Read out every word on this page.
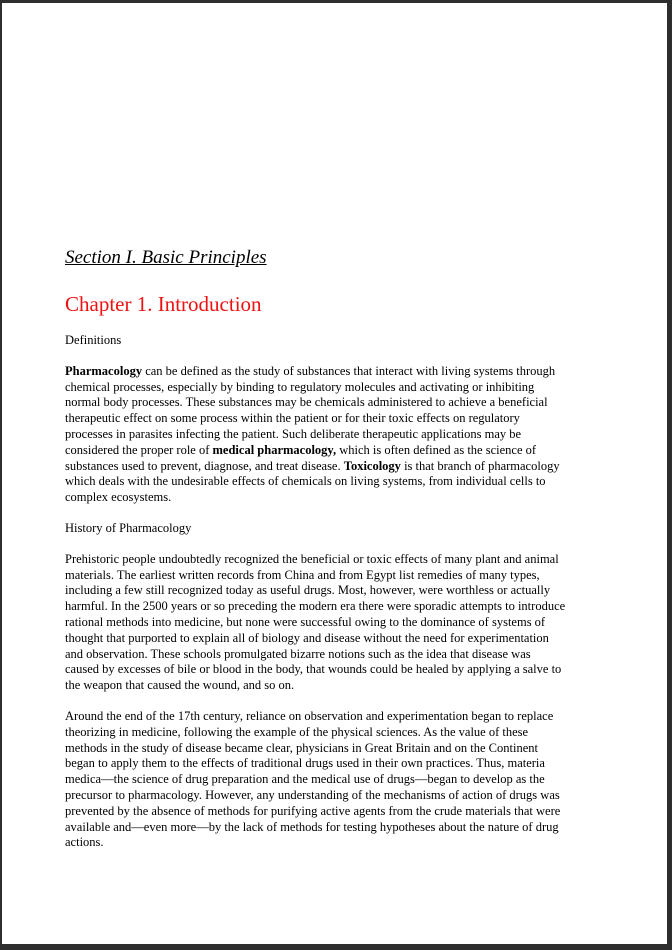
Section I. Basic Principles
Chapter 1. Introduction
Definitions
Pharmacology can be defined as the study of substances that interact with living systems through
chemical processes, especially by binding to regulatory molecules and activating or inhibiting
normal body processes. These substances may be chemicals administered to achieve a beneficial
therapeutic effect on some process within the patient or for their toxic effects on regulatory
processes in parasites infecting the patient. Such deliberate therapeutic applications may be
considered the proper role of medical pharmacology, which is often defined as the science of
substances used to prevent, diagnose, and treat disease. Toxicology is that branch of pharmacology
which deals with the undesirable effects of chemicals on living systems, from individual cells to
complex ecosystems.
History of Pharmacology
Prehistoric people undoubtedly recognized the beneficial or toxic effects of many plant and animal
materials. The earliest written records from China and from Egypt list remedies of many types,
including a few still recognized today as useful drugs. Most, however, were worthless or actually
harmful. In the 2500 years or so preceding the modern era there were sporadic attempts to introduce
rational methods into medicine, but none were successful owing to the dominance of systems of
thought that purported to explain all of biology and disease without the need for experimentation
and observation. These schools promulgated bizarre notions such as the idea that disease was
caused by excesses of bile or blood in the body, that wounds could be healed by applying a salve to
the weapon that caused the wound, and so on.
Around the end of the 17th century, reliance on observation and experimentation began to replace
theorizing in medicine, following the example of the physical sciences. As the value of these
methods in the study of disease became clear, physicians in Great Britain and on the Continent
began to apply them to the effects of traditional drugs used in their own practices. Thus, materia
medica—the science of drug preparation and the medical use of drugs—began to develop as the
precursor to pharmacology. However, any understanding of the mechanisms of action of drugs was
prevented by the absence of methods for purifying active agents from the crude materials that were
available and—even more—by the lack of methods for testing hypotheses about the nature of drug
actions.
